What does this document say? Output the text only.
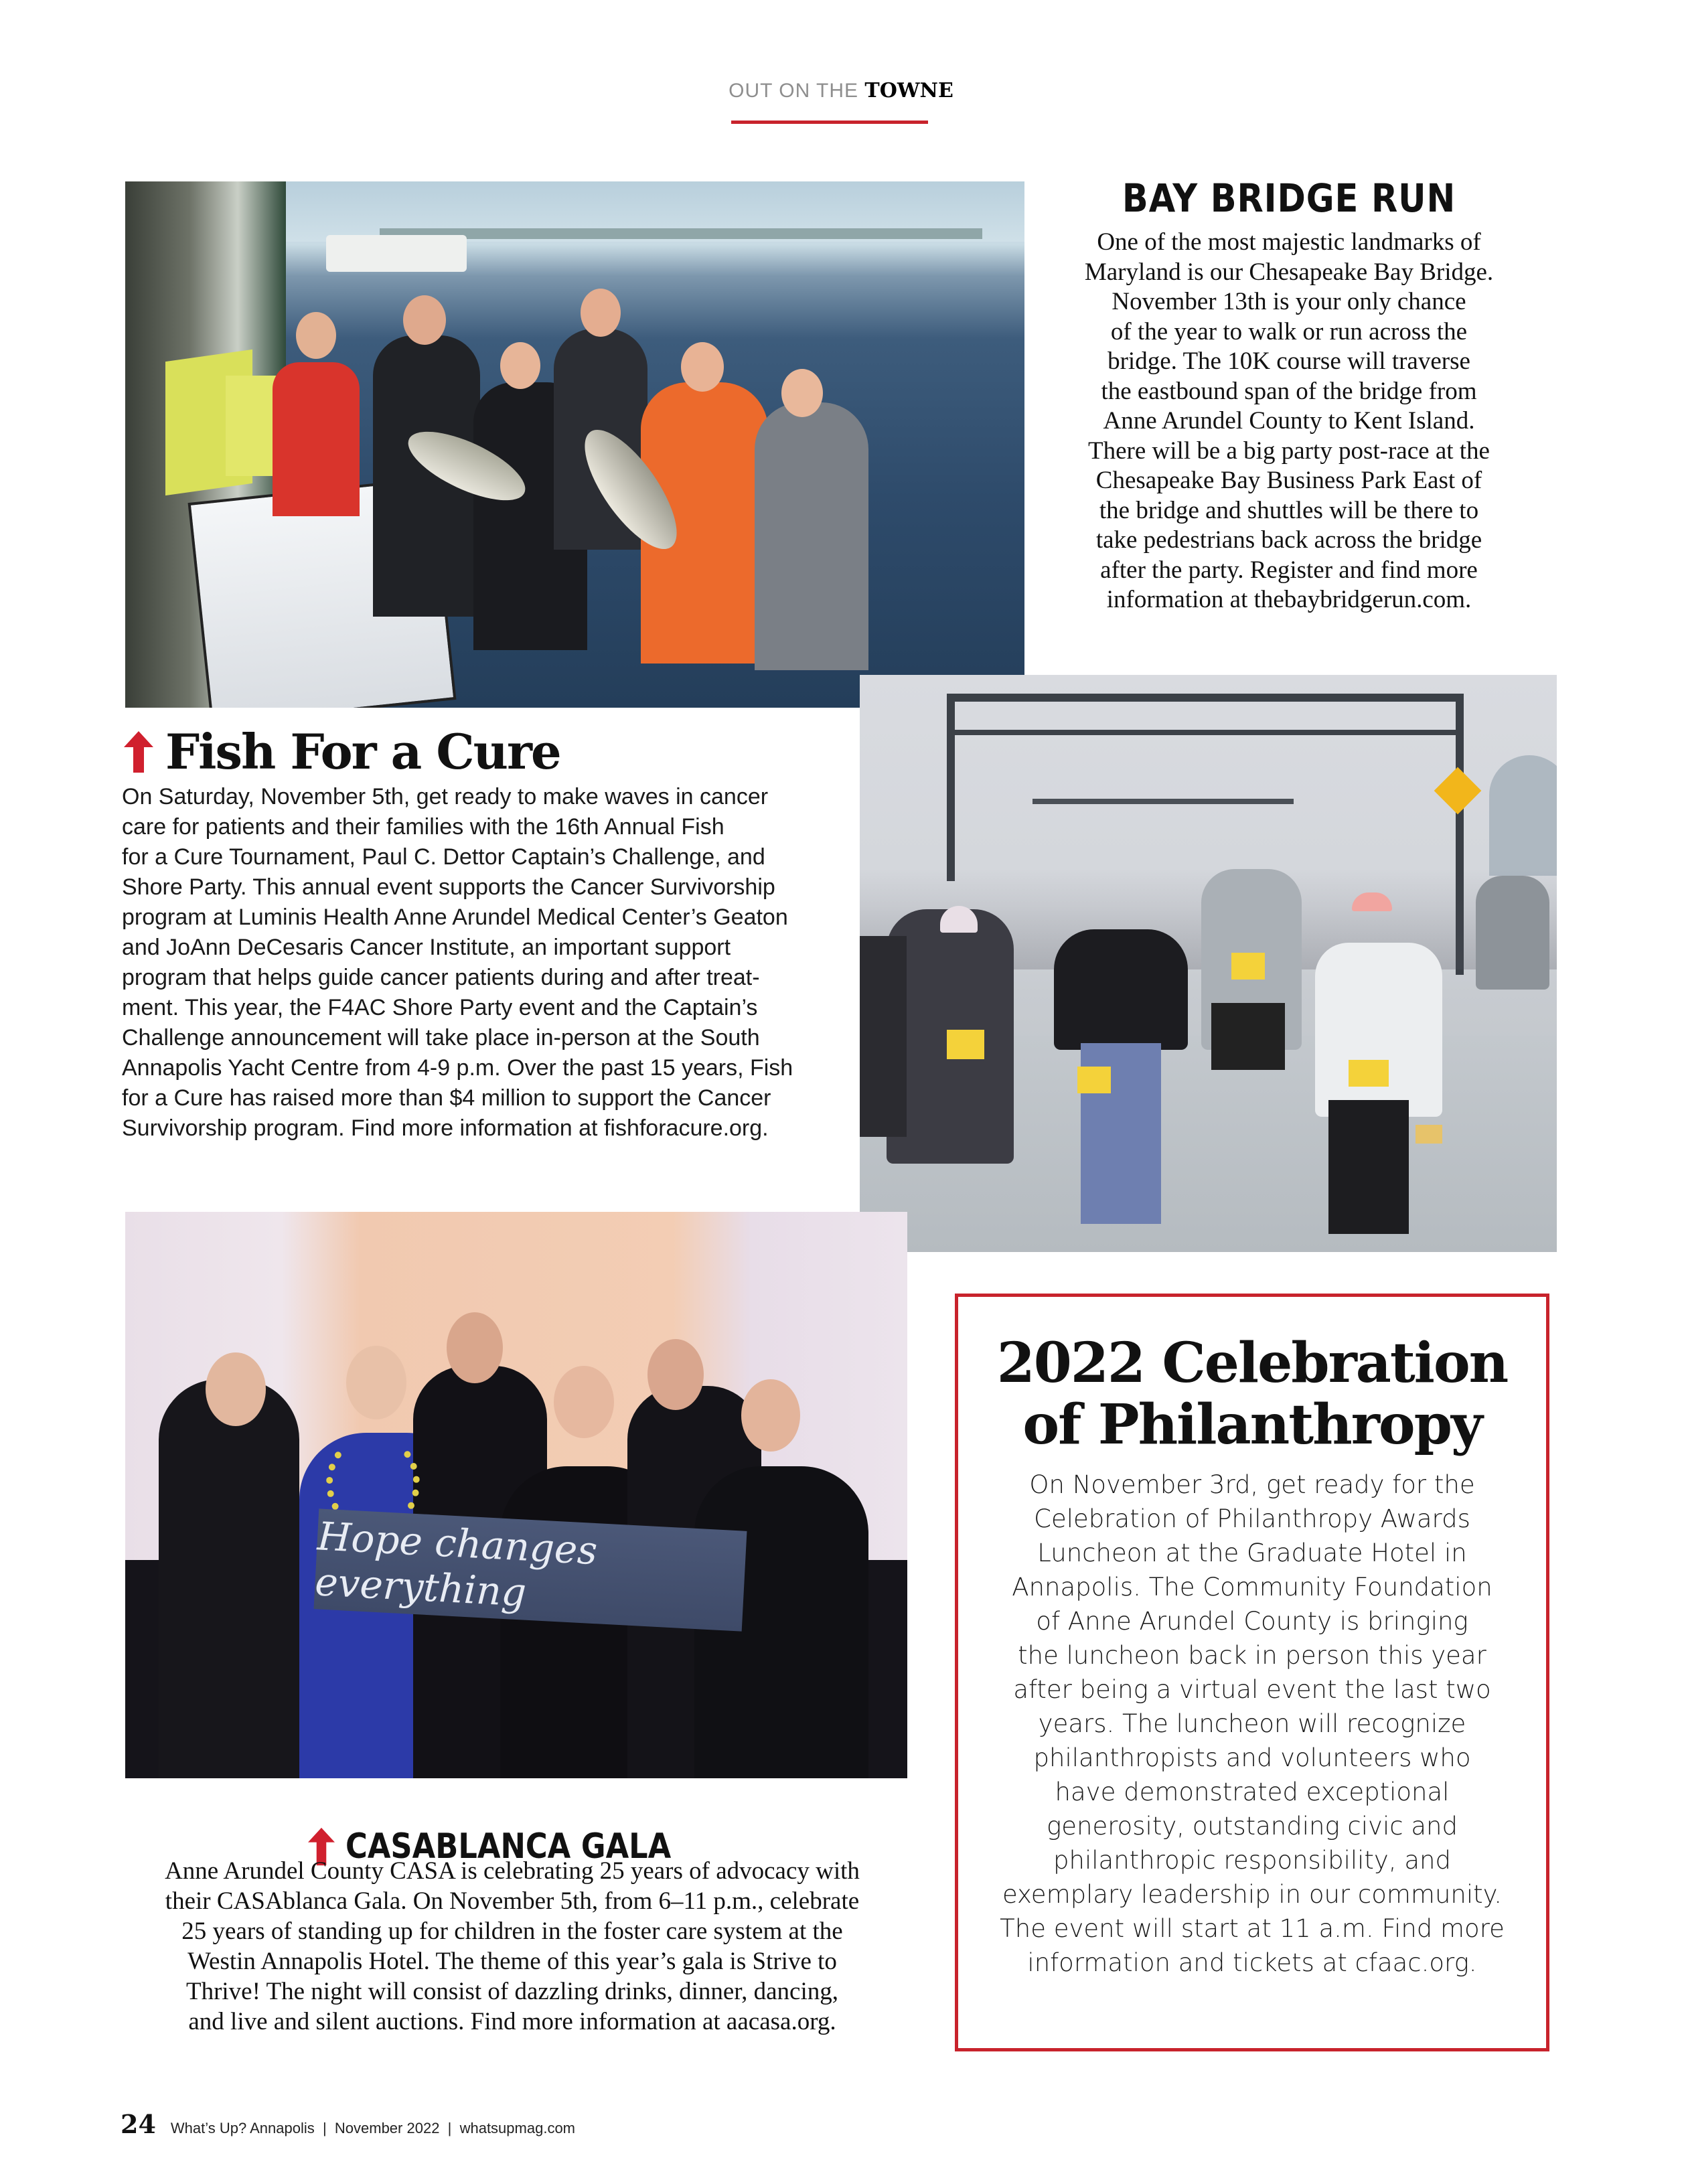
OUT ON THE TOWNE
BAY BRIDGE RUN
One of the most majestic landmarks of
Maryland is our Chesapeake Bay Bridge.
November 13th is your only chance
of the year to walk or run across the
bridge. The 10K course will traverse
the eastbound span of the bridge from
Anne Arundel County to Kent Island.
There will be a big party post-race at the
Chesapeake Bay Business Park East of
the bridge and shuttles will be there to
take pedestrians back across the bridge
after the party. Register and find more
information at thebaybridgerun.com.
Fish For a Cure
On Saturday, November 5th, get ready to make waves in cancer
care for patients and their families with the 16th Annual Fish
for a Cure Tournament, Paul C. Dettor Captain’s Challenge, and
Shore Party. This annual event supports the Cancer Survivorship
program at Luminis Health Anne Arundel Medical Center’s Geaton
and JoAnn DeCesaris Cancer Institute, an important support
program that helps guide cancer patients during and after treat-
ment. This year, the F4AC Shore Party event and the Captain’s
Challenge announcement will take place in-person at the South
Annapolis Yacht Centre from 4-9 p.m. Over the past 15 years, Fish
for a Cure has raised more than $4 million to support the Cancer
Survivorship program. Find more information at fishforacure.org.
Hope changes everything
CASABLANCA GALA
Anne Arundel County CASA is celebrating 25 years of advocacy with
their CASAblanca Gala. On November 5th, from 6–11 p.m., celebrate
25 years of standing up for children in the foster care system at the
Westin Annapolis Hotel. The theme of this year’s gala is Strive to
Thrive! The night will consist of dazzling drinks, dinner, dancing,
and live and silent auctions. Find more information at aacasa.org.
2022 Celebration
of Philanthropy
On November 3rd, get ready for the
Celebration of Philanthropy Awards
Luncheon at the Graduate Hotel in
Annapolis. The Community Foundation
of Anne Arundel County is bringing
the luncheon back in person this year
after being a virtual event the last two
years. The luncheon will recognize
philanthropists and volunteers who
have demonstrated exceptional
generosity, outstanding civic and
philanthropic responsibility, and
exemplary leadership in our community.
The event will start at 11 a.m. Find more
information and tickets at cfaac.org.
24 What’s Up? Annapolis  |  November 2022  |  whatsupmag.com
